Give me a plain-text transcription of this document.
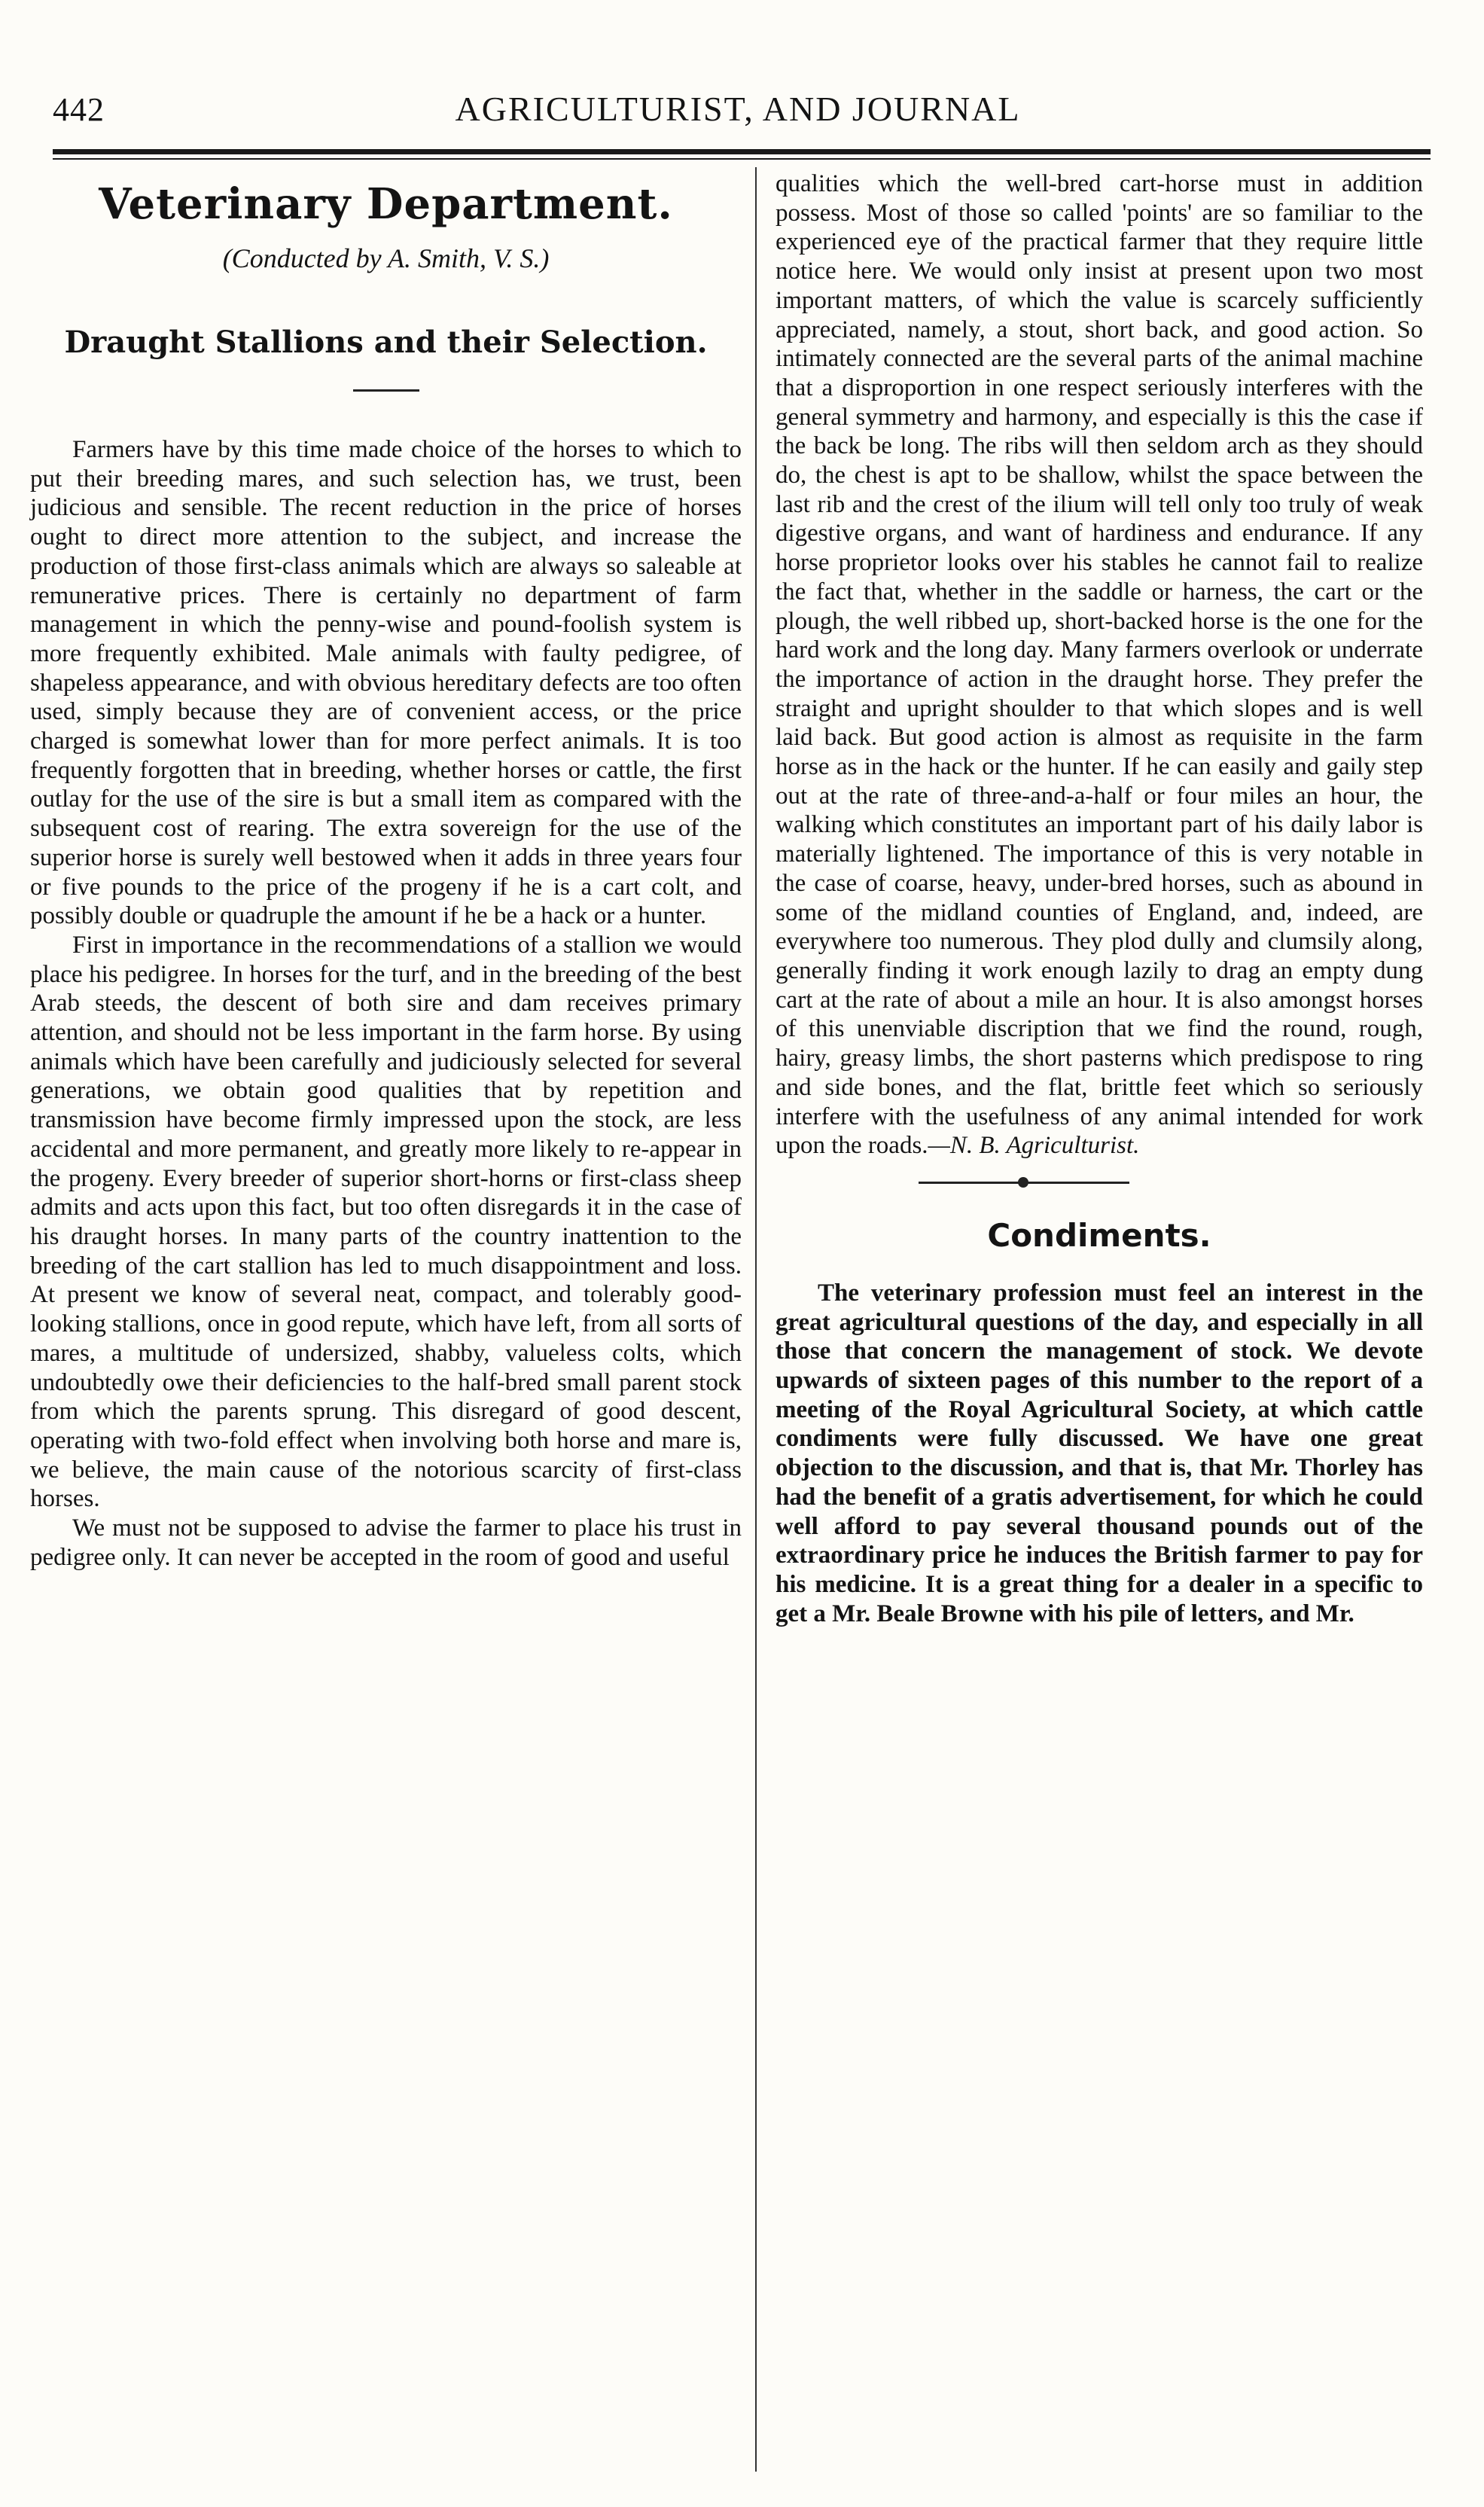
442	AGRICULTURIST, AND JOURNAL
Veterinary Department.
(Conducted by A. Smith, V. S.)
Draught Stallions and their Selection.

Farmers have by this time made choice of the horses to which to put their breeding mares, and such selection has, we trust, been judicious and sensible. The recent reduction in the price of horses ought to direct more attention to the subject, and increase the production of those first-class animals which are always so saleable at remunerative prices. There is certainly no department of farm management in which the penny-wise and pound-foolish system is more frequently exhibited. Male animals with faulty pedigree, of shapeless appearance, and with obvious hereditary defects are too often used, simply because they are of convenient access, or the price charged is somewhat lower than for more perfect animals. It is too frequently forgotten that in breeding, whether horses or cattle, the first outlay for the use of the sire is but a small item as compared with the subsequent cost of rearing. The extra sovereign for the use of the superior horse is surely well bestowed when it adds in three years four or five pounds to the price of the progeny if he is a cart colt, and possibly double or quadruple the amount if he be a hack or a hunter.

First in importance in the recommendations of a stallion we would place his pedigree. In horses for the turf, and in the breeding of the best Arab steeds, the descent of both sire and dam receives primary attention, and should not be less important in the farm horse. By using animals which have been carefully and judiciously selected for several generations, we obtain good qualities that by repetition and transmission have become firmly impressed upon the stock, are less accidental and more permanent, and greatly more likely to re-appear in the progeny. Every breeder of superior short-horns or first-class sheep admits and acts upon this fact, but too often disregards it in the case of his draught horses. In many parts of the country inattention to the breeding of the cart stallion has led to much disappointment and loss. At present we know of several neat, compact, and tolerably good-looking stallions, once in good repute, which have left, from all sorts of mares, a multitude of undersized, shabby, valueless colts, which undoubtedly owe their deficiencies to the half-bred small parent stock from which the parents sprung. This disregard of good descent, operating with two-fold effect when involving both horse and mare is, we believe, the main cause of the notorious scarcity of first-class horses.

We must not be supposed to advise the farmer to place his trust in pedigree only. It can never be accepted in the room of good and useful

qualities which the well-bred cart-horse must in addition possess. Most of those so called 'points' are so familiar to the experienced eye of the practical farmer that they require little notice here. We would only insist at present upon two most important matters, of which the value is scarcely sufficiently appreciated, namely, a stout, short back, and good action. So intimately connected are the several parts of the animal machine that a disproportion in one respect seriously interferes with the general symmetry and harmony, and especially is this the case if the back be long. The ribs will then seldom arch as they should do, the chest is apt to be shallow, whilst the space between the last rib and the crest of the ilium will tell only too truly of weak digestive organs, and want of hardiness and endurance. If any horse proprietor looks over his stables he cannot fail to realize the fact that, whether in the saddle or harness, the cart or the plough, the well ribbed up, short-backed horse is the one for the hard work and the long day. Many farmers overlook or underrate the importance of action in the draught horse. They prefer the straight and upright shoulder to that which slopes and is well laid back. But good action is almost as requisite in the farm horse as in the hack or the hunter. If he can easily and gaily step out at the rate of three-and-a-half or four miles an hour, the walking which constitutes an important part of his daily labor is materially lightened. The importance of this is very notable in the case of coarse, heavy, under-bred horses, such as abound in some of the midland counties of England, and, indeed, are everywhere too numerous. They plod dully and clumsily along, generally finding it work enough lazily to drag an empty dung cart at the rate of about a mile an hour. It is also amongst horses of this unenviable discription that we find the round, rough, hairy, greasy limbs, the short pasterns which predispose to ring and side bones, and the flat, brittle feet which so seriously interfere with the usefulness of any animal intended for work upon the roads.—N. B. Agriculturist.

Condiments.

The veterinary profession must feel an interest in the great agricultural questions of the day, and especially in all those that concern the management of stock. We devote upwards of sixteen pages of this number to the report of a meeting of the Royal Agricultural Society, at which cattle condiments were fully discussed. We have one great objection to the discussion, and that is, that Mr. Thorley has had the benefit of a gratis advertisement, for which he could well afford to pay several thousand pounds out of the extraordinary price he induces the British farmer to pay for his medicine. It is a great thing for a dealer in a specific to get a Mr. Beale Browne with his pile of letters, and Mr.
